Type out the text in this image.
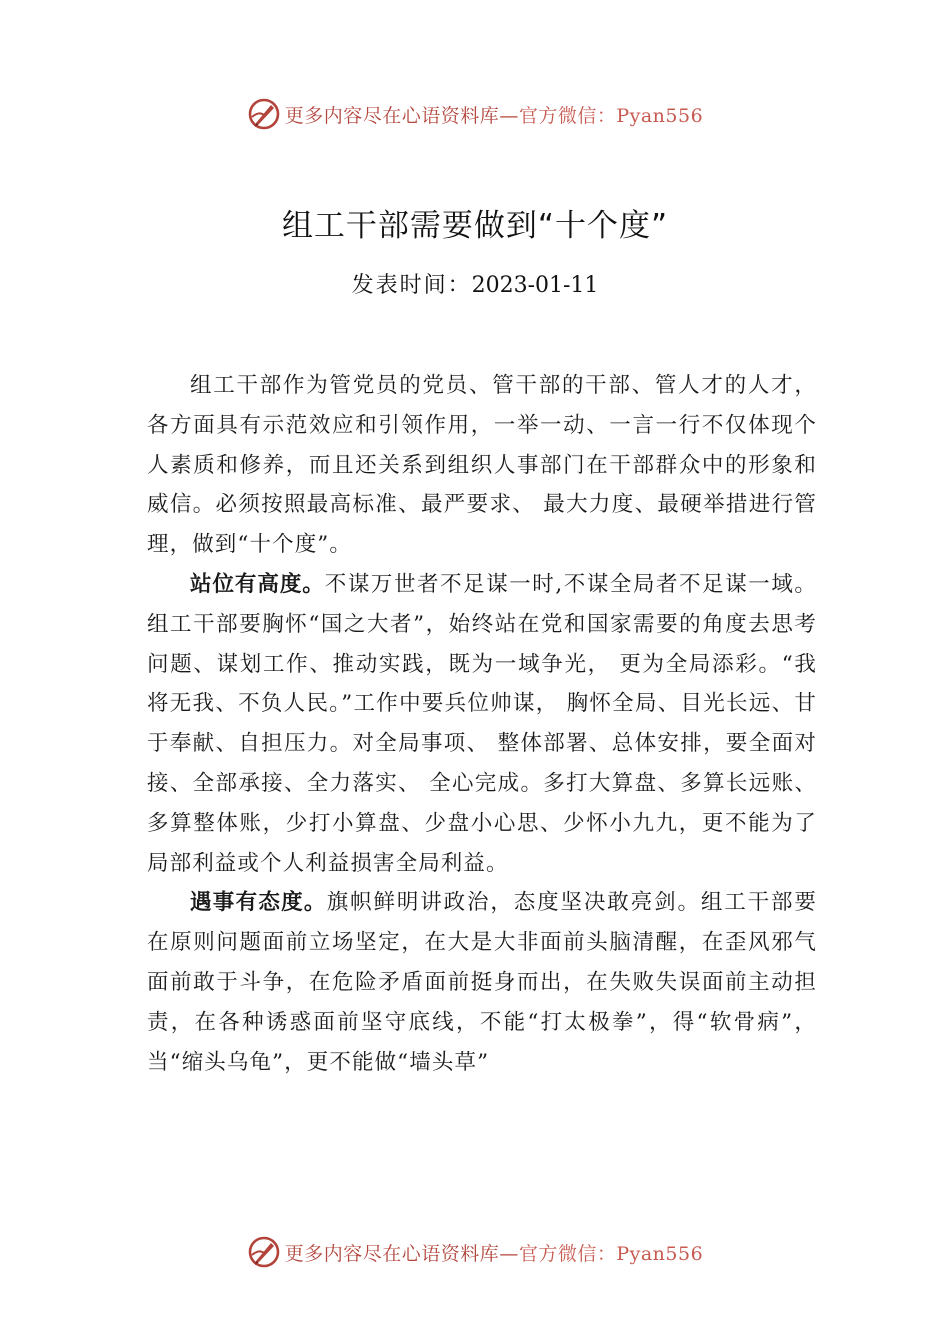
更多内容尽在心语资料库—官方微信：Pyan556
组工干部需要做到“十个度”
发表时间：2023-01-11

组工干部作为管党员的党员、管干部的干部、管人才的人才，各方面具有示范效应和引领作用，一举一动、一言一行不仅体现个人素质和修养，而且还关系到组织人事部门在干部群众中的形象和威信。必须按照最高标准、最严要求、 最大力度、最硬举措进行管理，做到“十个度”。

站位有高度。不谋万世者不足谋一时,不谋全局者不足谋一域。组工干部要胸怀“国之大者”，始终站在党和国家需要的角度去思考问题、谋划工作、推动实践，既为一域争光， 更为全局添彩。“我将无我、不负人民。”工作中要兵位帅谋， 胸怀全局、目光长远、甘于奉献、自担压力。对全局事项、 整体部署、总体安排，要全面对接、全部承接、全力落实、 全心完成。多打大算盘、多算长远账、多算整体账，少打小算盘、少盘小心思、少怀小九九，更不能为了局部利益或个人利益损害全局利益。

遇事有态度。旗帜鲜明讲政治，态度坚决敢亮剑。组工干部要在原则问题面前立场坚定，在大是大非面前头脑清醒，在歪风邪气面前敢于斗争，在危险矛盾面前挺身而出，在失败失误面前主动担责，在各种诱惑面前坚守底线，不能“打太极拳”，得“软骨病”，当“缩头乌龟”，更不能做“墙头草”

更多内容尽在心语资料库—官方微信：Pyan556
